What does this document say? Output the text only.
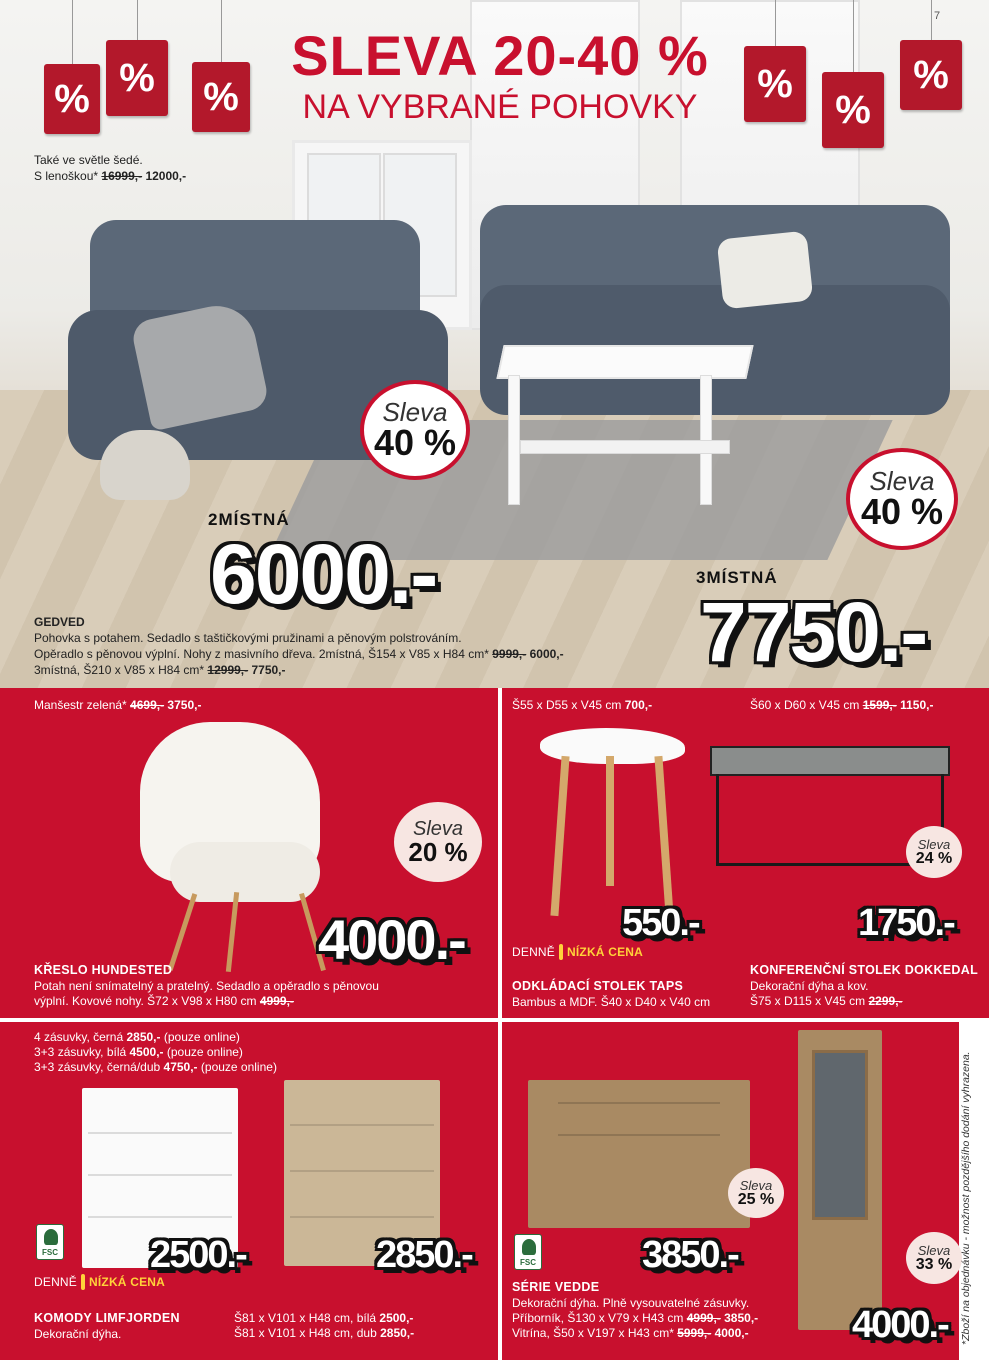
% % %	%
%
%
7
SLEVA 20-40 %
NA VYBRANÉ POHOVKY
Také ve světle šedé.
S lenoškou* 16999,- 12000,-
Sleva
40 %
Sleva
40 %
2MÍSTNÁ
6000.-	3MÍSTNÁ
7750.-
GEDVED
Pohovka s potahem. Sedadlo s taštičkovými pružinami a pěnovým polstrováním.
Opěradlo s pěnovou výplní. Nohy z masivního dřeva. 2místná, Š154 x V85 x H84 cm* 9999,- 6000,-
3místná, Š210 x V85 x H84 cm* 12999,- 7750,-
Manšestr zelená* 4699,- 3750,-
Sleva
20 %
4000.-
KŘESLO HUNDESTED
Potah není snímatelný a pratelný. Sedadlo a opěradlo s pěnovou
výplní. Kovové nohy. Š72 x V98 x H80 cm 4999,-
Š55 x D55 x V45 cm 700,-
550.-
DENNĚ NÍZKÁ CENA
ODKLÁDACÍ STOLEK TAPS
Bambus a MDF. Š40 x D40 x V40 cm
Š60 x D60 x V45 cm 1599,- 1150,-
Sleva
24 %
1750.-
KONFERENČNÍ STOLEK DOKKEDAL
Dekorační dýha a kov.
Š75 x D115 x V45 cm 2299,-
4 zásuvky, černá 2850,- (pouze online)
3+3 zásuvky, bílá 4500,- (pouze online)
3+3 zásuvky, černá/dub 4750,- (pouze online)
FSC 2500.-	2850.-
DENNĚ NÍZKÁ CENA
KOMODY LIMFJORDEN
Dekorační dýha.
Š81 x V101 x H48 cm, bílá 2500,-
Š81 x V101 x H48 cm, dub 2850,-
Sleva
25 %
Sleva
33 %
FSC	3850.-
4000.-
SÉRIE VEDDE
Dekorační dýha. Plně vysouvatelné zásuvky.
Příborník, Š130 x V79 x H43 cm 4999,- 3850,-
Vitrína, Š50 x V197 x H43 cm* 5999,- 4000,-	*Zboží na objednávku - možnost pozdějšího dodání vyhrazena.
